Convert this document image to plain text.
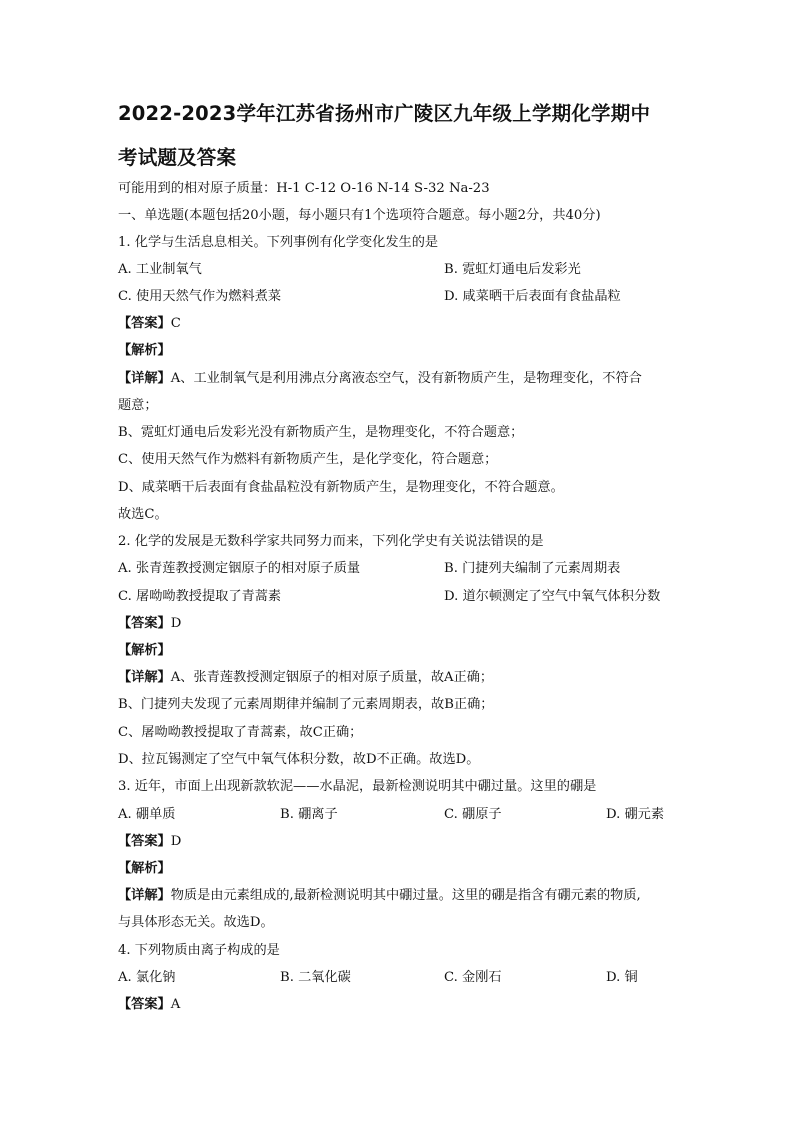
2022-2023学年江苏省扬州市广陵区九年级上学期化学期中
考试题及答案
可能用到的相对原子质量：H-1 C-12 O-16 N-14 S-32 Na-23
一、单选题(本题包括20小题，每小题只有1个选项符合题意。每小题2分，共40分)
1. 化学与生活息息相关。下列事例有化学变化发生的是
A. 工业制氧气	B. 霓虹灯通电后发彩光
C. 使用天然气作为燃料煮菜	D. 咸菜晒干后表面有食盐晶粒
【答案】C
【解析】
【详解】A、工业制氧气是利用沸点分离液态空气，没有新物质产生，是物理变化，不符合
题意；
B、霓虹灯通电后发彩光没有新物质产生，是物理变化，不符合题意；
C、使用天然气作为燃料有新物质产生，是化学变化，符合题意；
D、咸菜晒干后表面有食盐晶粒没有新物质产生，是物理变化，不符合题意。
故选C。
2. 化学的发展是无数科学家共同努力而来，下列化学史有关说法错误的是
A. 张青莲教授测定铟原子的相对原子质量	B. 门捷列夫编制了元素周期表
C. 屠呦呦教授提取了青蒿素	D. 道尔顿测定了空气中氧气体积分数
【答案】D
【解析】
【详解】A、张青莲教授测定铟原子的相对原子质量，故A正确；
B、门捷列夫发现了元素周期律并编制了元素周期表，故B正确；
C、屠呦呦教授提取了青蒿素，故C正确；
D、拉瓦锡测定了空气中氧气体积分数，故D不正确。故选D。
3. 近年，市面上出现新款软泥——水晶泥，最新检测说明其中硼过量。这里的硼是
A. 硼单质	B. 硼离子	C. 硼原子	D. 硼元素
【答案】D
【解析】
【详解】物质是由元素组成的,最新检测说明其中硼过量。这里的硼是指含有硼元素的物质,
与具体形态无关。故选D。
4. 下列物质由离子构成的是
A. 氯化钠	B. 二氧化碳	C. 金刚石	D. 铜
【答案】A
